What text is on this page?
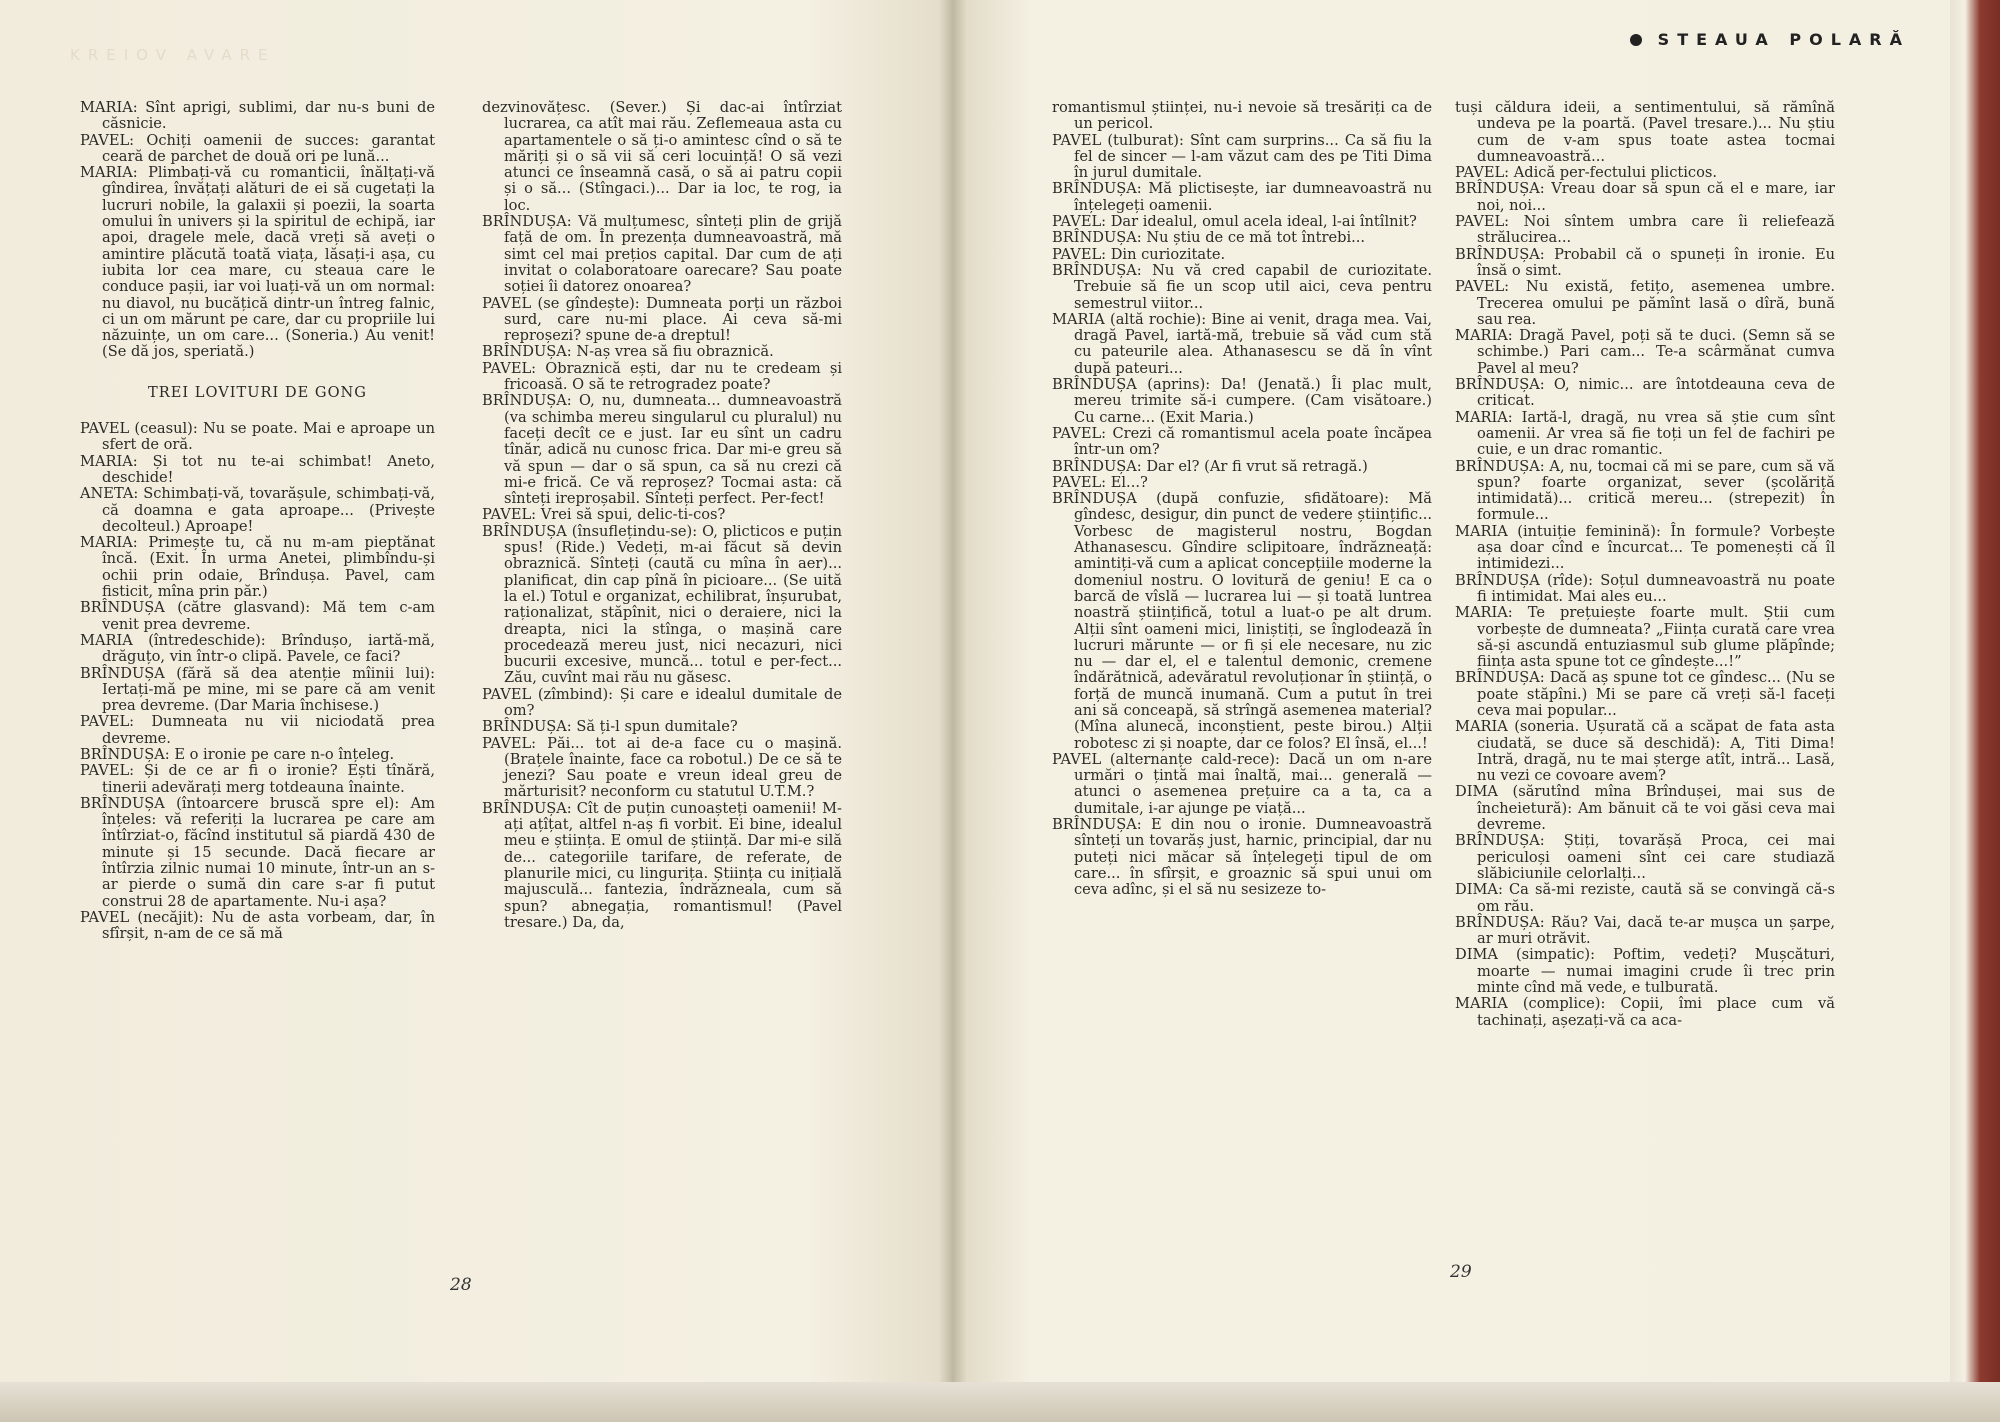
KREIOV AVARE
STEAUA POLARĂ

MARIA: Sînt aprigi, sublimi, dar nu-s buni de căsnicie.

PAVEL: Ochiți oamenii de succes: garantat ceară de parchet de două ori pe lună...

MARIA: Plimbați-vă cu romanticii, înălțați-vă gîndirea, învățați alături de ei să cugetați la lucruri nobile, la galaxii și poezii, la soarta omului în univers și la spiritul de echipă, iar apoi, dragele mele, dacă vreți să aveți o amintire plăcută toată viața, lăsați-i așa, cu iubita lor cea mare, cu steaua care le conduce pașii, iar voi luați-vă un om normal: nu diavol, nu bucățică dintr-un întreg falnic, ci un om mărunt pe care, dar cu propriile lui năzuințe, un om care... (Soneria.) Au venit! (Se dă jos, speriată.)

TREI LOVITURI DE GONG

PAVEL (ceasul): Nu se poate. Mai e aproape un sfert de oră.

MARIA: Și tot nu te-ai schimbat! Aneto, deschide!

ANETA: Schimbați-vă, tovarășule, schimbați-vă, că doamna e gata aproape... (Privește decolteul.) Aproape!

MARIA: Primește tu, că nu m-am pieptănat încă. (Exit. În urma Anetei, plimbîndu-și ochii prin odaie, Brîndușa. Pavel, cam fisticit, mîna prin păr.)

BRÎNDUȘA (către glasvand): Mă tem c-am venit prea devreme.

MARIA (întredeschide): Brîndușo, iartă-mă, drăguțo, vin într-o clipă. Pavele, ce faci?

BRÎNDUȘA (fără să dea atenție mîinii lui): Iertați-mă pe mine, mi se pare că am venit prea devreme. (Dar Maria închisese.)

PAVEL: Dumneata nu vii niciodată prea devreme.

BRÎNDUȘA: E o ironie pe care n-o înțeleg.

PAVEL: Și de ce ar fi o ironie? Ești tînără, tinerii adevărați merg totdeauna înainte.

BRÎNDUȘA (întoarcere bruscă spre el): Am înțeles: vă referiți la lucrarea pe care am întîrziat-o, făcînd institutul să piardă 430 de minute și 15 secunde. Dacă fiecare ar întîrzia zilnic numai 10 minute, într-un an s-ar pierde o sumă din care s-ar fi putut construi 28 de apartamente. Nu-i așa?

PAVEL (necăjit): Nu de asta vorbeam, dar, în sfîrșit, n-am de ce să mă

dezvinovățesc. (Sever.) Și dac-ai întîrziat lucrarea, ca atît mai rău. Zeflemeaua asta cu apartamentele o să ți-o amintesc cînd o să te măriți și o să vii să ceri locuință! O să vezi atunci ce înseamnă casă, o să ai patru copii și o să... (Stîngaci.)... Dar ia loc, te rog, ia loc.

BRÎNDUȘA: Vă mulțumesc, sînteți plin de grijă față de om. În prezența dumneavoastră, mă simt cel mai prețios capital. Dar cum de ați invitat o colaboratoare oarecare? Sau poate soției îi datorez onoarea?

PAVEL (se gîndește): Dumneata porți un război surd, care nu-mi place. Ai ceva să-mi reproșezi? spune de-a dreptul!

BRÎNDUȘA: N-aș vrea să fiu obraznică.

PAVEL: Obraznică ești, dar nu te credeam și fricoasă. O să te retrogradez poate?

BRÎNDUȘA: O, nu, dumneata... dumneavoastră (va schimba mereu singularul cu pluralul) nu faceți decît ce e just. Iar eu sînt un cadru tînăr, adică nu cunosc frica. Dar mi-e greu să vă spun — dar o să spun, ca să nu crezi că mi-e frică. Ce vă reproșez? Tocmai asta: că sînteți ireproșabil. Sînteți perfect. Per-fect!

PAVEL: Vrei să spui, delic-ti-cos?

BRÎNDUȘA (însuflețindu-se): O, plicticos e puțin spus! (Ride.) Vedeți, m-ai făcut să devin obraznică. Sînteți (caută cu mîna în aer)... planificat, din cap pînă în picioare... (Se uită la el.) Totul e organizat, echilibrat, înșurubat, raționalizat, stăpînit, nici o deraiere, nici la dreapta, nici la stînga, o mașină care procedează mereu just, nici necazuri, nici bucurii excesive, muncă... totul e per-fect... Zău, cuvînt mai rău nu găsesc.

PAVEL (zîmbind): Și care e idealul dumitale de om?

BRÎNDUȘA: Să ți-l spun dumitale?

PAVEL: Păi... tot ai de-a face cu o mașină. (Brațele înainte, face ca robotul.) De ce să te jenezi? Sau poate e vreun ideal greu de mărturisit? neconform cu statutul U.T.M.?

BRÎNDUȘA: Cît de puțin cunoașteți oamenii! M-ați ațîțat, altfel n-aș fi vorbit. Ei bine, idealul meu e știința. E omul de știință. Dar mi-e silă de... categoriile tarifare, de referate, de planurile mici, cu lingurița. Știința cu inițială majusculă... fantezia, îndrăzneala, cum să spun? abnegația, romantismul! (Pavel tresare.) Da, da,

romantismul științei, nu-i nevoie să tresăriți ca de un pericol.

PAVEL (tulburat): Sînt cam surprins... Ca să fiu la fel de sincer — l-am văzut cam des pe Titi Dima în jurul dumitale.

BRÎNDUȘA: Mă plictisește, iar dumneavoastră nu înțelegeți oamenii.

PAVEL: Dar idealul, omul acela ideal, l-ai întîlnit?

BRÎNDUȘA: Nu știu de ce mă tot întrebi...

PAVEL: Din curiozitate.

BRÎNDUȘA: Nu vă cred capabil de curiozitate. Trebuie să fie un scop util aici, ceva pentru semestrul viitor...

MARIA (altă rochie): Bine ai venit, draga mea. Vai, dragă Pavel, iartă-mă, trebuie să văd cum stă cu pateurile alea. Athanasescu se dă în vînt după pateuri...

BRÎNDUȘA (aprins): Da! (Jenată.) Îi plac mult, mereu trimite să-i cumpere. (Cam visătoare.) Cu carne... (Exit Maria.)

PAVEL: Crezi că romantismul acela poate încăpea într-un om?

BRÎNDUȘA: Dar el? (Ar fi vrut să retragă.)

PAVEL: El...?

BRÎNDUȘA (după confuzie, sfidătoare): Mă gîndesc, desigur, din punct de vedere științific... Vorbesc de magisterul nostru, Bogdan Athanasescu. Gîndire sclipitoare, îndrăzneață: amintiți-vă cum a aplicat concepțiile moderne la domeniul nostru. O lovitură de geniu! E ca o barcă de vîslă — lucrarea lui — și toată luntrea noastră științifică, totul a luat-o pe alt drum. Alții sînt oameni mici, liniștiți, se înglodează în lucruri mărunte — or fi și ele necesare, nu zic nu — dar el, el e talentul demonic, cremene îndărătnică, adevăratul revoluționar în știință, o forță de muncă inumană. Cum a putut în trei ani să conceapă, să strîngă asemenea material? (Mîna alunecă, inconștient, peste birou.) Alții robotesc zi și noapte, dar ce folos? El însă, el...!

PAVEL (alternanțe cald-rece): Dacă un om n-are urmări o țintă mai înaltă, mai... generală — atunci o asemenea prețuire ca a ta, ca a dumitale, i-ar ajunge pe viață...

BRÎNDUȘA: E din nou o ironie. Dumneavoastră sînteți un tovarăș just, harnic, principial, dar nu puteți nici măcar să înțelegeți tipul de om care... în sfîrșit, e groaznic să spui unui om ceva adînc, și el să nu sesizeze to-

tuși căldura ideii, a sentimentului, să rămînă undeva pe la poartă. (Pavel tresare.)... Nu știu cum de v-am spus toate astea tocmai dumneavoastră...

PAVEL: Adică per-fectului plicticos.

BRÎNDUȘA: Vreau doar să spun că el e mare, iar noi, noi...

PAVEL: Noi sîntem umbra care îi reliefează strălucirea...

BRÎNDUȘA: Probabil că o spuneți în ironie. Eu însă o simt.

PAVEL: Nu există, fetițo, asemenea umbre. Trecerea omului pe pămînt lasă o dîră, bună sau rea.

MARIA: Dragă Pavel, poți să te duci. (Semn să se schimbe.) Pari cam... Te-a scârmănat cumva Pavel al meu?

BRÎNDUȘA: O, nimic... are întotdeauna ceva de criticat.

MARIA: Iartă-l, dragă, nu vrea să știe cum sînt oamenii. Ar vrea să fie toți un fel de fachiri pe cuie, e un drac romantic.

BRÎNDUȘA: A, nu, tocmai că mi se pare, cum să vă spun? foarte organizat, sever (școlăriță intimidată)... critică mereu... (strepezit) în formule...

MARIA (intuiție feminină): În formule? Vorbește așa doar cînd e încurcat... Te pomenești că îl intimidezi...

BRÎNDUȘA (rîde): Soțul dumneavoastră nu poate fi intimidat. Mai ales eu...

MARIA: Te prețuiește foarte mult. Știi cum vorbește de dumneata? „Ființa curată care vrea să-și ascundă entuziasmul sub glume plăpînde; ființa asta spune tot ce gîndește...!”

BRÎNDUȘA: Dacă aș spune tot ce gîndesc... (Nu se poate stăpîni.) Mi se pare că vreți să-l faceți ceva mai popular...

MARIA (soneria. Ușurată că a scăpat de fata asta ciudată, se duce să deschidă): A, Titi Dima! Intră, dragă, nu te mai șterge atît, intră... Lasă, nu vezi ce covoare avem?

DIMA (sărutînd mîna Brîndușei, mai sus de încheietură): Am bănuit că te voi găsi ceva mai devreme.

BRÎNDUȘA: Știți, tovarășă Proca, cei mai periculoși oameni sînt cei care studiază slăbiciunile celorlalți...

DIMA: Ca să-mi reziste, caută să se convingă că-s om rău.

BRÎNDUȘA: Rău? Vai, dacă te-ar mușca un șarpe, ar muri otrăvit.

DIMA (simpatic): Poftim, vedeți? Mușcături, moarte — numai imagini crude îi trec prin minte cînd mă vede, e tulburată.

MARIA (complice): Copii, îmi place cum vă tachinați, așezați-vă ca aca-

28
29
